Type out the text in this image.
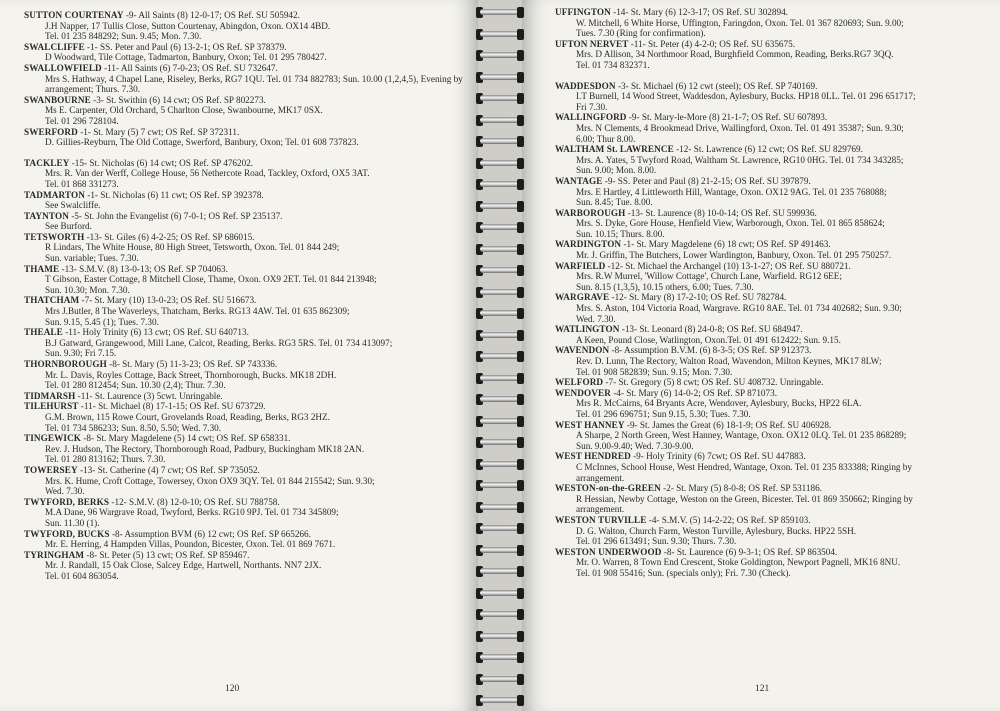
SUTTON COURTENAY -9- All Saints (8) 12-0-17; OS Ref. SU 505942.
J.H Napper, 17 Tullis Close, Sutton Courtenay, Abingdon, Oxon. OX14 4BD.
Tel. 01 235 848292; Sun. 9.45; Mon. 7.30.
SWALCLIFFE -1- SS. Peter and Paul (6) 13-2-1; OS Ref. SP 378379.
D Woodward, Tile Cottage, Tadmarton, Banbury, Oxon; Tel. 01 295 780427.
SWALLOWFIELD -11- All Saints (6) 7-0-23; OS Ref. SU 732647.
Mrs S. Hathway, 4 Chapel Lane, Riseley, Berks, RG7 1QU. Tel. 01 734 882783; Sun. 10.00 (1,2,4,5), Evening by arrangement; Thurs. 7.30.
SWANBOURNE -3- St. Swithin (6) 14 cwt; OS Ref. SP 802273.
Ms E. Carpenter, Old Orchard, 5 Charlton Close, Swanbourne, MK17 0SX.
Tel. 01 296 728104.
SWERFORD -1- St. Mary (5) 7 cwt; OS Ref. SP 372311.
D. Gillies-Reyburn, The Old Cottage, Swerford, Banbury, Oxon; Tel. 01 608 737823.
TACKLEY -15- St. Nicholas (6) 14 cwt; OS Ref. SP 476202.
Mrs. R. Van der Werff, College House, 56 Nethercote Road, Tackley, Oxford, OX5 3AT.
Tel. 01 868 331273.
TADMARTON -1- St. Nicholas (6) 11 cwt; OS Ref. SP 392378.
See Swalcliffe.
TAYNTON -5- St. John the Evangelist (6) 7-0-1; OS Ref. SP 235137.
See Burford.
TETSWORTH -13- St. Giles (6) 4-2-25; OS Ref. SP 686015.
R Lindars, The White House, 80 High Street, Tetsworth, Oxon. Tel. 01 844 249;
Sun. variable; Tues. 7.30.
THAME -13- S.M.V. (8) 13-0-13; OS Ref. SP 704063.
T Gibson, Easter Cottage, 8 Mitchell Close, Thame, Oxon. OX9 2ET. Tel. 01 844 213948;
Sun. 10.30; Mon. 7.30.
THATCHAM -7- St. Mary (10) 13-0-23; OS Ref. SU 516673.
Mrs J.Butler, 8 The Waverleys, Thatcham, Berks. RG13 4AW. Tel. 01 635 862309;
Sun. 9.15, 5.45 (1); Tues. 7.30.
THEALE -11- Holy Trinity (6) 13 cwt; OS Ref. SU 640713.
B.J Gatward, Grangewood, Mill Lane, Calcot, Reading, Berks. RG3 5RS. Tel. 01 734 413097;
Sun. 9.30; Fri 7.15.
THORNBOROUGH -8- St. Mary (5) 11-3-23; OS Ref. SP 743336.
Mr. L. Davis, Royles Cottage, Back Street, Thornborough, Bucks. MK18 2DH.
Tel. 01 280 812454; Sun. 10.30 (2,4); Thur. 7.30.
TIDMARSH -11- St. Laurence (3) 5cwt. Unringable.
TILEHURST -11- St. Michael (8) 17-1-15; OS Ref. SU 673729.
G.M. Brown, 115 Rowe Court, Grovelands Road, Reading, Berks, RG3 2HZ.
Tel. 01 734 586233; Sun. 8.50, 5.50; Wed. 7.30.
TINGEWICK -8- St. Mary Magdelene (5) 14 cwt; OS Ref. SP 658331.
Rev. J. Hudson, The Rectory, Thornborough Road, Padbury, Buckingham MK18 2AN.
Tel. 01 280 813162; Thurs. 7.30.
TOWERSEY -13- St. Catherine (4) 7 cwt; OS Ref. SP 735052.
Mrs. K. Hume, Croft Cottage, Towersey, Oxon OX9 3QY. Tel. 01 844 215542; Sun. 9.30;
Wed. 7.30.
TWYFORD, BERKS -12- S.M.V. (8) 12-0-10; OS Ref. SU 788758.
M.A Dane, 96 Wargrave Road, Twyford, Berks. RG10 9PJ. Tel. 01 734 345809;
Sun. 11.30 (1).
TWYFORD, BUCKS -8- Assumption BVM (6) 12 cwt; OS Ref. SP 665266.
Mr. E. Herring, 4 Hampden Villas, Poundon, Bicester, Oxon. Tel. 01 869 7671.
TYRINGHAM -8- St. Peter (5) 13 cwt; OS Ref. SP 859467.
Mr. J. Randall, 15 Oak Close, Salcey Edge, Hartwell, Northants. NN7 2JX.
Tel. 01 604 863054.
120
UFFINGTON -14- St. Mary (6) 12-3-17; OS Ref. SU 302894.
W. Mitchell, 6 White Horse, Uffington, Faringdon, Oxon. Tel. 01 367 820693; Sun. 9.00;
Tues. 7.30 (Ring for confirmation).
UFTON NERVET -11- St. Peter (4) 4-2-0; OS Ref. SU 635675.
Mrs. D Allison, 34 Northmoor Road, Burghfield Common, Reading, Berks.RG7 3QQ.
Tel. 01 734 832371.
WADDESDON -3- St. Michael (6) 12 cwt (steel); OS Ref. SP 740169.
I.T Burnell, 14 Wood Street, Waddesdon, Aylesbury, Bucks. HP18 0LL. Tel. 01 296 651717;
Fri 7.30.
WALLINGFORD -9- St. Mary-le-More (8) 21-1-7; OS Ref. SU 607893.
Mrs. N Clements, 4 Brookmead Drive, Wallingford, Oxon. Tel. 01 491 35387; Sun. 9.30;
6.00; Thur 8.00.
WALTHAM St. LAWRENCE -12- St. Lawrence (6) 12 cwt; OS Ref. SU 829769.
Mrs. A. Yates, 5 Twyford Road, Waltham St. Lawrence, RG10 0HG. Tel. 01 734 343285;
Sun. 9.00; Mon. 8.00.
WANTAGE -9- SS. Peter and Paul (8) 21-2-15; OS Ref. SU 397879.
Mrs. E Hartley, 4 Littleworth Hill, Wantage, Oxon. OX12 9AG. Tel. 01 235 768088;
Sun. 8.45; Tue. 8.00.
WARBOROUGH -13- St. Laurence (8) 10-0-14; OS Ref. SU 599936.
Mrs. S. Dyke, Gore House, Henfield View, Warborough, Oxon. Tel. 01 865 858624;
Sun. 10.15; Thurs. 8.00.
WARDINGTON -1- St. Mary Magdelene (6) 18 cwt; OS Ref. SP 491463.
Mr. J. Griffin, The Butchers, Lower Wardington, Banbury, Oxon. Tel. 01 295 750257.
WARFIELD -12- St. Michael the Archangel (10) 13-1-27; OS Ref. SU 880721.
Mrs. R.W Murrel, 'Willow Cottage', Church Lane, Warfield. RG12 6EE;
Sun. 8.15 (1,3,5), 10.15 others, 6.00; Tues. 7.30.
WARGRAVE -12- St. Mary (8) 17-2-10; OS Ref. SU 782784.
Mrs. S. Aston, 104 Victoria Road, Wargrave. RG10 8AE. Tel. 01 734 402682; Sun. 9.30;
Wed. 7.30.
WATLINGTON -13- St. Leonard (8) 24-0-8; OS Ref. SU 684947.
A Keen, Pound Close, Watlington, Oxon.Tel. 01 491 612422; Sun. 9.15.
WAVENDON -8- Assumption B.V.M. (6) 8-3-5; OS Ref. SP 912373.
Rev. D. Lunn, The Rectory, Walton Road, Wavendon, Milton Keynes, MK17 8LW;
Tel. 01 908 582839; Sun. 9.15; Mon. 7.30.
WELFORD -7- St. Gregory (5) 8 cwt; OS Ref. SU 408732. Unringable.
WENDOVER -4- St. Mary (6) 14-0-2; OS Ref. SP 871073.
Mrs R. McCairns, 64 Bryants Acre, Wendover, Aylesbury, Bucks, HP22 6LA.
Tel. 01 296 696751; Sun 9.15, 5.30; Tues. 7.30.
WEST HANNEY -9- St. James the Great (6) 18-1-9; OS Ref. SU 406928.
A Sharpe, 2 North Green, West Hanney, Wantage, Oxon. OX12 0LQ. Tel. 01 235 868289;
Sun. 9.00-9.40; Wed. 7.30-9.00.
WEST HENDRED -9- Holy Trinity (6) 7cwt; OS Ref. SU 447883.
C McInnes, School House, West Hendred, Wantage, Oxon. Tel. 01 235 833388; Ringing by
arrangement.
WESTON-on-the-GREEN -2- St. Mary (5) 8-0-8; OS Ref. SP 531186.
R Hessian, Newby Cottage, Weston on the Green, Bicester. Tel. 01 869 350662; Ringing by
arrangement.
WESTON TURVILLE -4- S.M.V. (5) 14-2-22; OS Ref. SP 859103.
D. G. Walton, Church Farm, Weston Turville, Aylesbury, Bucks. HP22 5SH.
Tel. 01 296 613491; Sun. 9.30; Thurs. 7.30.
WESTON UNDERWOOD -8- St. Laurence (6) 9-3-1; OS Ref. SP 863504.
Mr. O. Warren, 8 Town End Crescent, Stoke Goldington, Newport Pagnell, MK16 8NU.
Tel. 01 908 55416; Sun. (specials only); Fri. 7.30 (Check).
121
